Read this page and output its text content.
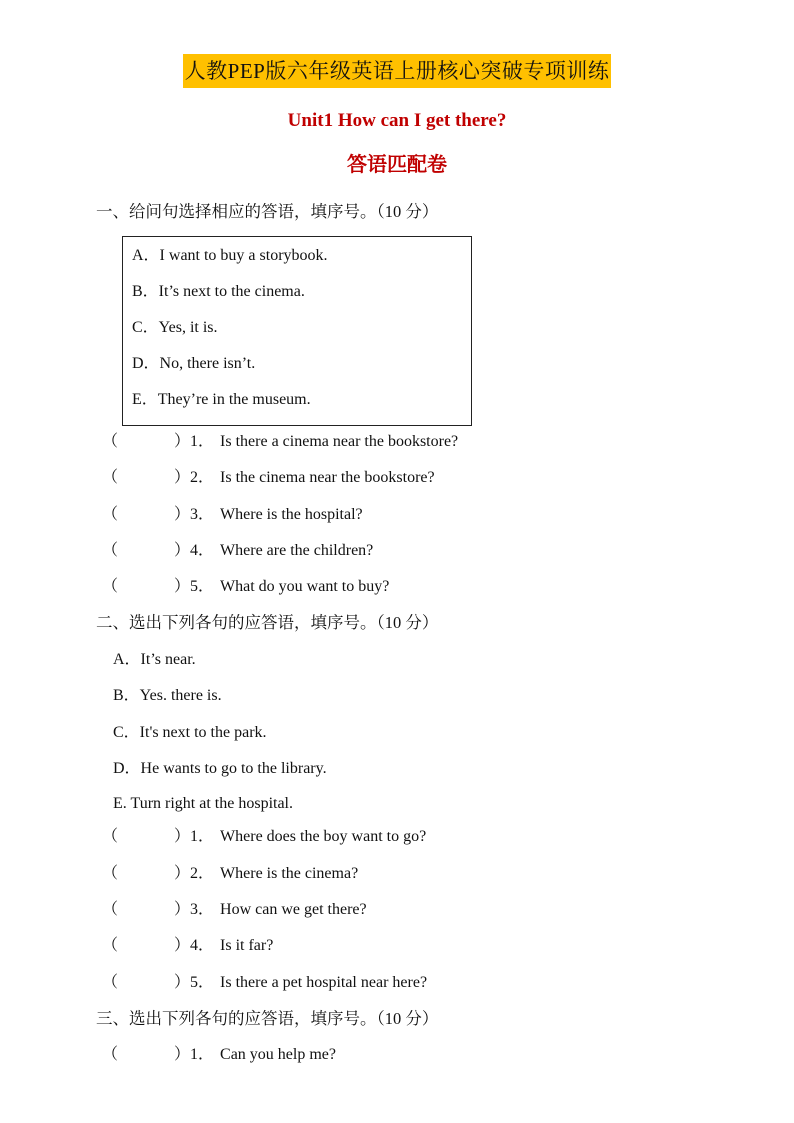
人教PEP版六年级英语上册核心突破专项训练
Unit1 How can I get there?
答语匹配卷
一、给问句选择相应的答语，填序号。（10 分）
A．I want to buy a storybook.
B．It’s next to the cinema.
C．Yes, it is.
D．No, there isn’t.
E．They’re in the museum.
（	）1． Is there a cinema near the bookstore?
（	）2． Is the cinema near the bookstore?
（	）3． Where is the hospital?
（	）4． Where are the children?
（	）5． What do you want to buy?
二、选出下列各句的应答语，填序号。（10 分）
A．It’s near.
B．Yes. there is.
C．It's next to the park.
D．He wants to go to the library.
E. Turn right at the hospital.
（	）1． Where does the boy want to go?
（	）2． Where is the cinema?
（	）3． How can we get there?
（	）4． Is it far?
（	）5． Is there a pet hospital near here?
三、选出下列各句的应答语，填序号。（10 分）
（	）1． Can you help me?
